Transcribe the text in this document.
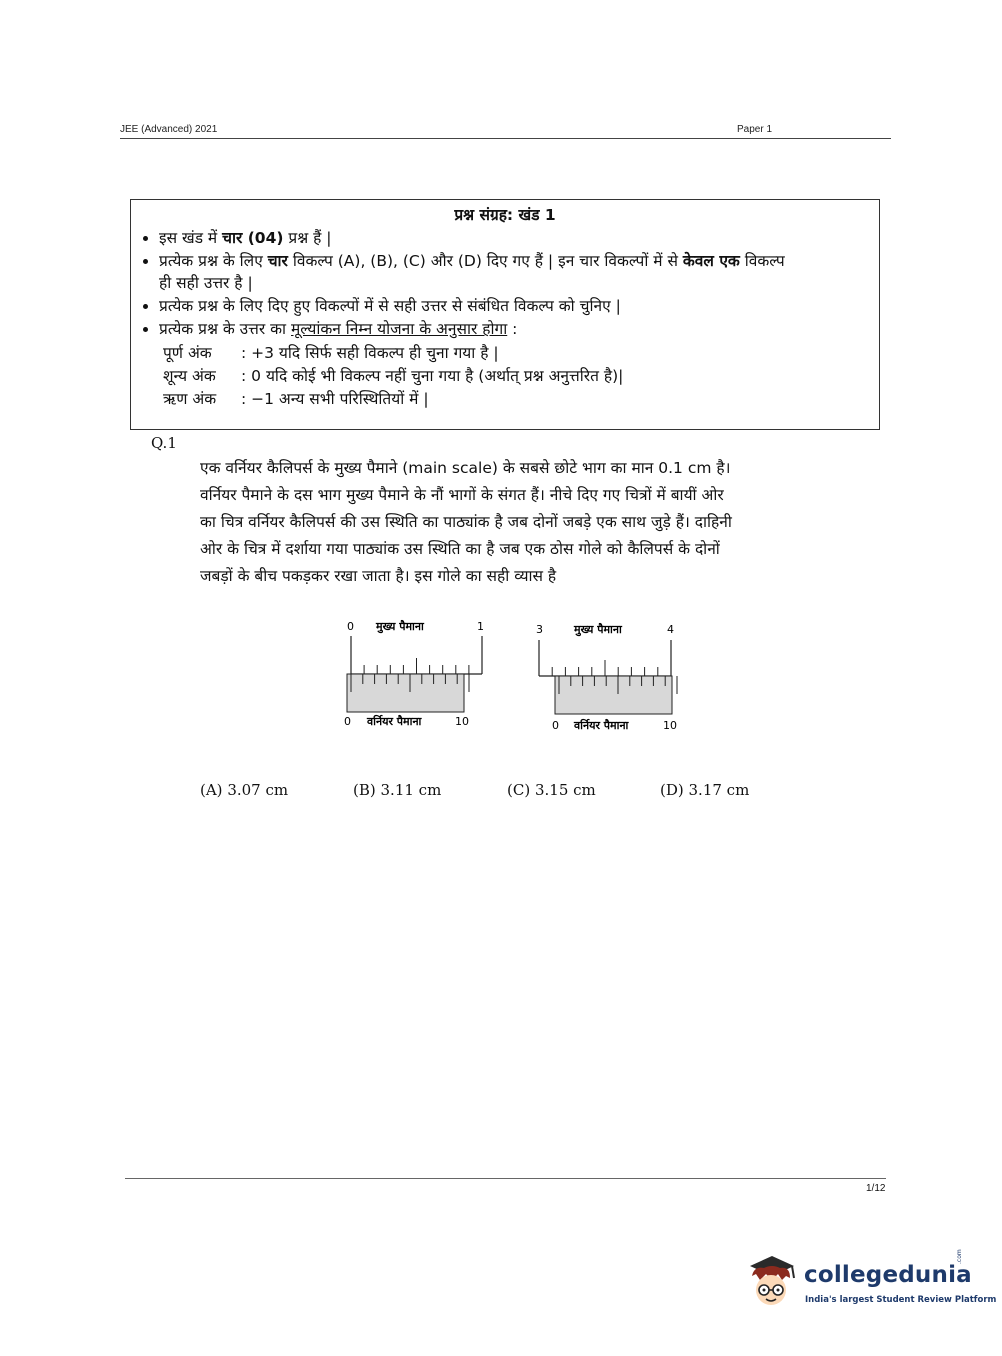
JEE (Advanced) 2021	Paper 1
प्रश्न संग्रह: खंड 1
इस खंड में चार (04) प्रश्न हैं |
प्रत्येक प्रश्न के लिए चार विकल्प (A), (B), (C) और (D) दिए गए हैं | इन चार विकल्पों में से केवल एक विकल्प
ही सही उत्तर है |
प्रत्येक प्रश्न के लिए दिए हुए विकल्पों में से सही उत्तर से संबंधित विकल्प को चुनिए |
प्रत्येक प्रश्न के उत्तर का मूल्यांकन निम्न योजना के अनुसार होगा :
पूर्ण अंक : +3 यदि सिर्फ सही विकल्प ही चुना गया है |
शून्य अंक : 0 यदि कोई भी विकल्प नहीं चुना गया है (अर्थात् प्रश्न अनुत्तरित है)|
ऋण अंक : −1 अन्य सभी परिस्थितियों में |
Q.1
एक वर्नियर कैलिपर्स के मुख्य पैमाने (main scale) के सबसे छोटे भाग का मान 0.1 cm है।
वर्नियर पैमाने के दस भाग मुख्य पैमाने के नौं भागों के संगत हैं। नीचे दिए गए चित्रों में बायीं ओर
का चित्र वर्नियर कैलिपर्स की उस स्थिति का पाठ्यांक है जब दोनों जबड़े एक साथ जुड़े हैं। दाहिनी
ओर के चित्र में दर्शाया गया पाठ्यांक उस स्थिति का है जब एक ठोस गोले को कैलिपर्स के दोनों
जबड़ों के बीच पकड़कर रखा जाता है। इस गोले का सही व्यास है
0 मुख्य पैमाना	1
0 वर्नियर पैमाना	10
3	मुख्य पैमाना	4
0 वर्नियर पैमाना	10
(A) 3.07 cm	(B) 3.11 cm	(C) 3.15 cm	(D) 3.17 cm
1/12
collegedunia
.com
India's largest Student Review Platform
